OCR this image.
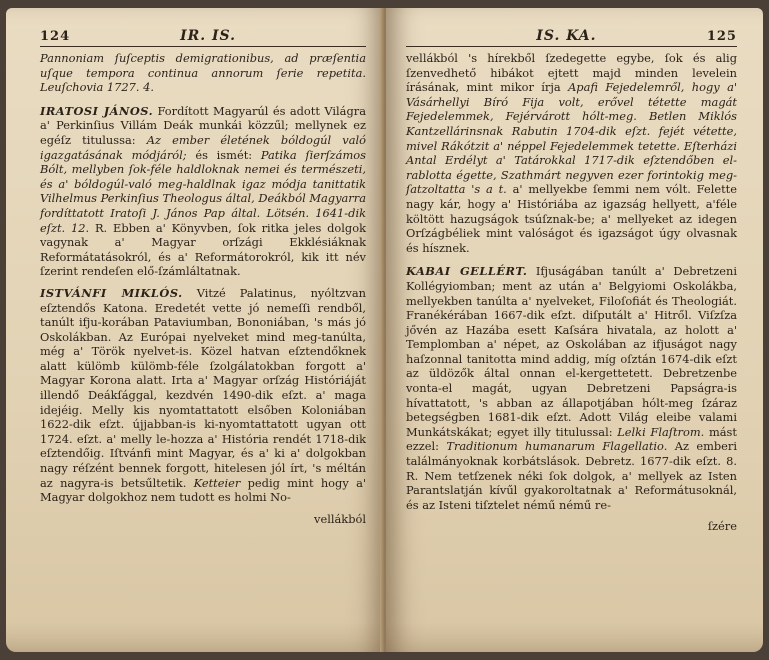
124	IR. IS.

Pannoniam ſuſceptis demigrationibus, ad præſentia uſque tempora continua annorum ſerie repetita. Leuſchovia 1727. 4.

IRATOSI JÁNOS. Fordított Magyarúl és adott Világra a' Perkinſius Villám Deák munkái közzűl; mellynek ez egéſz titulussa: Az ember életének bóldogúl való igazgatásának módjáról; és ismét: Patika ſierſzámos Bólt, mellyben ſok-féle haldloknak nemei és természeti, és a' bóldogúl-való meg-haldlnak igaz módja tanittatik Vilhelmus Perkinſius Theologus által, Deákból Magyarra fordíttatott Iratoſi J. János Pap által. Lötsén. 1641-dik eſzt. 12. R. Ebben a' Könyvben, ſok ritka jeles dolgok vagynak a' Magyar orſzági Ekklésiáknak Reformátatásokról, és a' Reformátorokról, kik itt név ſzerint rendeſen elő-ſzámláltatnak.

ISTVÁNFI MIKLÓS. Vitzé Palatinus, nyóltzvan eſztendős Katona. Eredetét vette jó nemeſſi rendből, tanúlt ifju-korában Pataviumban, Bononiában, 's más jó Oskolákban. Az Európai nyelveket mind meg-tanúlta, még a' Török nyelvet-is. Közel hatvan eſztendőknek alatt külömb külömb-féle ſzolgálatokban forgott a' Magyar Korona alatt. Irta a' Magyar orſzág Históriáját illendő Deákſággal, kezdvén 1490-dik eſzt. a' maga idejéig. Melly kis nyomtattatott elsőben Koloniában 1622-dik eſzt. újjabban-is ki-nyomtattatott ugyan ott 1724. eſzt. a' melly le-hozza a' História rendét 1718-dik eſztendőig. Iſtvánfi mint Magyar, és a' ki a' dolgokban nagy réſzént bennek forgott, hitelesen jól írt, 's méltán az nagyra-is betsűltetik. Ketteier pedig mint hogy a' Magyar dolgokhoz nem tudott es holmi No-

vellákból
IS. KA.	125

vellákból 's hírekből ſzedegette egybe, ſok és alig ſzenvedhető hibákot ejtett majd minden levelein írásának, mint mikor írja Apafi Fejedelemről, hogy a' Vásárhellyi Bíró Fija volt, erővel tétette magát Fejedelemmek, Fejérvárott hólt-meg. Betlen Miklós Kantzellárinsnak Rabutin 1704-dik eſzt. fejét vétette, mivel Rákótzit a' néppel Fejedelemmek tetette. Eſterházi Antal Erdélyt a' Tatárokkal 1717-dik eſztendőben el-rablotta égette, Szathmárt negyven ezer forintokig meg-ſatzoltatta 's a t. a' mellyekbe ſemmi nem vólt. Felette nagy kár, hogy a' Históriába az igazság hellyett, a'féle költött hazugságok tsúſznak-be; a' mellyeket az idegen Orſzágbéliek mint valóságot és igazságot úgy olvasnak és hísznek.

KABAI GELLÉRT. Ifjuságában tanúlt a' Debretzeni Kollégyiomban; ment az után a' Belgyiomi Oskolákba, mellyekben tanúlta a' nyelveket, Filoſofiát és Theologiát. Franékérában 1667-dik eſzt. diſputált a' Hitről. Viſzſza jővén az Hazába esett Kaſsára hivatala, az holott a' Templomban a' népet, az Oskolában az ifjuságot nagy haſzonnal tanitotta mind addig, míg oſztán 1674-dik eſzt az üldözők által onnan el-kergettetett. Debretzenbe vonta-el magát, ugyan Debretzeni Papságra-is hívattatott, 's abban az állapotjában hólt-meg ſzáraz betegségben 1681-dik eſzt. Adott Világ eleibe valami Munkátskákat; egyet illy titulussal: Lelki Flaſtrom. mást ezzel: Traditionum humanarum Flagellatio. Az emberi találmányoknak korbátslások. Debretz. 1677-dik eſzt. 8. R. Nem tetſzenek néki ſok dolgok, a' mellyek az Isten Parantslatján kívűl gyakoroltatnak a' Reformátusoknál, és az Isteni tiſztelet némű némű re-

ſzére
